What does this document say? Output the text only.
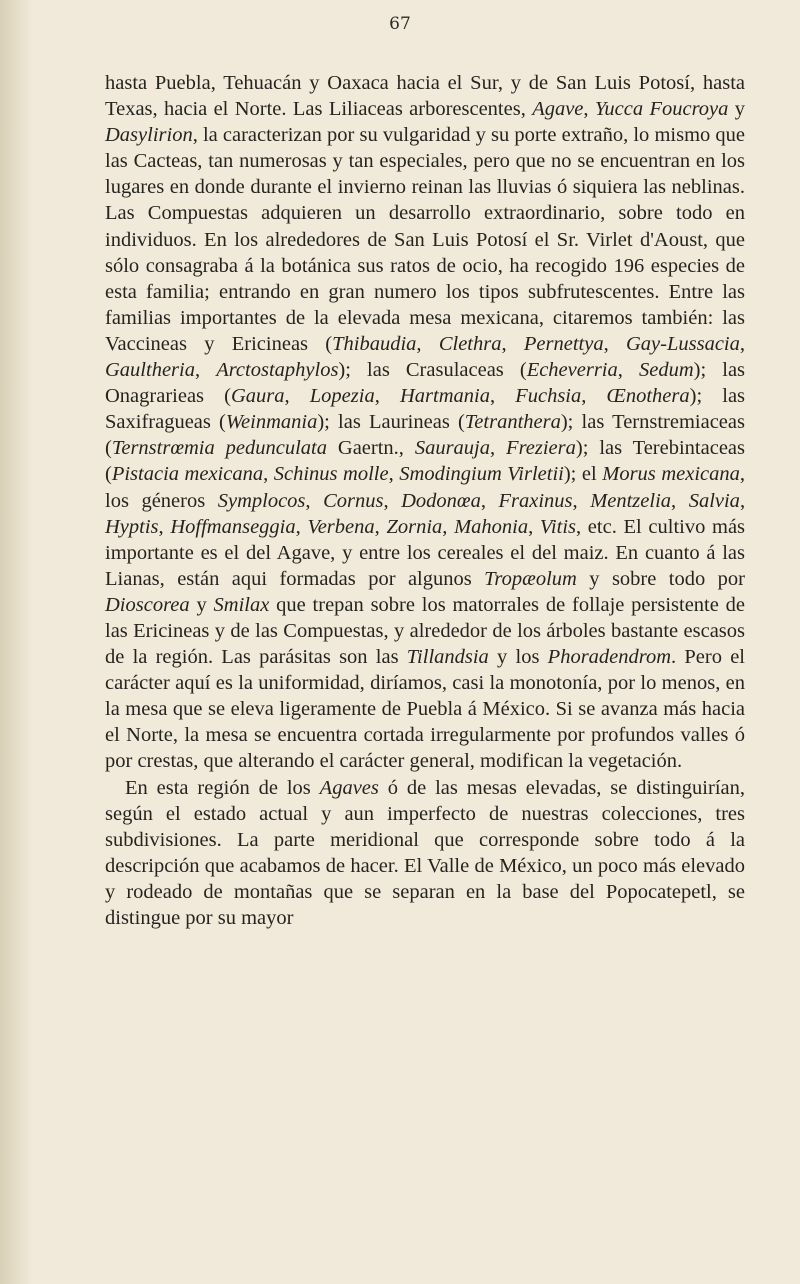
67

hasta Puebla, Tehuacán y Oaxaca hacia el Sur, y de San Luis Potosí, hasta Texas, hacia el Norte. Las Liliaceas arborescentes, Agave, Yucca Foucroya y Dasylirion, la caracterizan por su vulgaridad y su porte extraño, lo mismo que las Cacteas, tan numerosas y tan especiales, pero que no se encuentran en los lugares en donde durante el invierno reinan las lluvias ó siquiera las neblinas. Las Compuestas adquieren un desarrollo extraordinario, sobre todo en individuos. En los alrededores de San Luis Potosí el Sr. Virlet d'Aoust, que sólo consagraba á la botánica sus ratos de ocio, ha recogido 196 especies de esta familia; entrando en gran numero los tipos subfrutescentes. Entre las familias importantes de la elevada mesa mexicana, citaremos también: las Vaccineas y Ericineas (Thibaudia, Clethra, Pernettya, Gay-Lussacia, Gaultheria, Arctostaphylos); las Crasulaceas (Echeverria, Sedum); las Onagrarieas (Gaura, Lopezia, Hartmania, Fuchsia, Œnothera); las Saxifragueas (Weinmania); las Laurineas (Tetranthera); las Ternstremiaceas (Ternstrœmia pedunculata Gaertn., Saurauja, Freziera); las Terebintaceas (Pistacia mexicana, Schinus molle, Smodingium Virletii); el Morus mexicana, los géneros Symplocos, Cornus, Dodonœa, Fraxinus, Mentzelia, Salvia, Hyptis, Hoffmanseggia, Verbena, Zornia, Mahonia, Vitis, etc. El cultivo más importante es el del Agave, y entre los cereales el del maiz. En cuanto á las Lianas, están aqui formadas por algunos Tropæolum y sobre todo por Dioscorea y Smilax que trepan sobre los matorrales de follaje persistente de las Ericineas y de las Compuestas, y alrededor de los árboles bastante escasos de la región. Las parásitas son las Tillandsia y los Phoradendrom. Pero el carácter aquí es la uniformidad, diríamos, casi la monotonía, por lo menos, en la mesa que se eleva ligeramente de Puebla á México. Si se avanza más hacia el Norte, la mesa se encuentra cortada irregularmente por profundos valles ó por crestas, que alterando el carácter general, modifican la vegetación.

En esta región de los Agaves ó de las mesas elevadas, se distinguirían, según el estado actual y aun imperfecto de nuestras colecciones, tres subdivisiones. La parte meridional que corresponde sobre todo á la descripción que acabamos de hacer. El Valle de México, un poco más elevado y rodeado de montañas que se separan en la base del Popocatepetl, se distingue por su mayor
